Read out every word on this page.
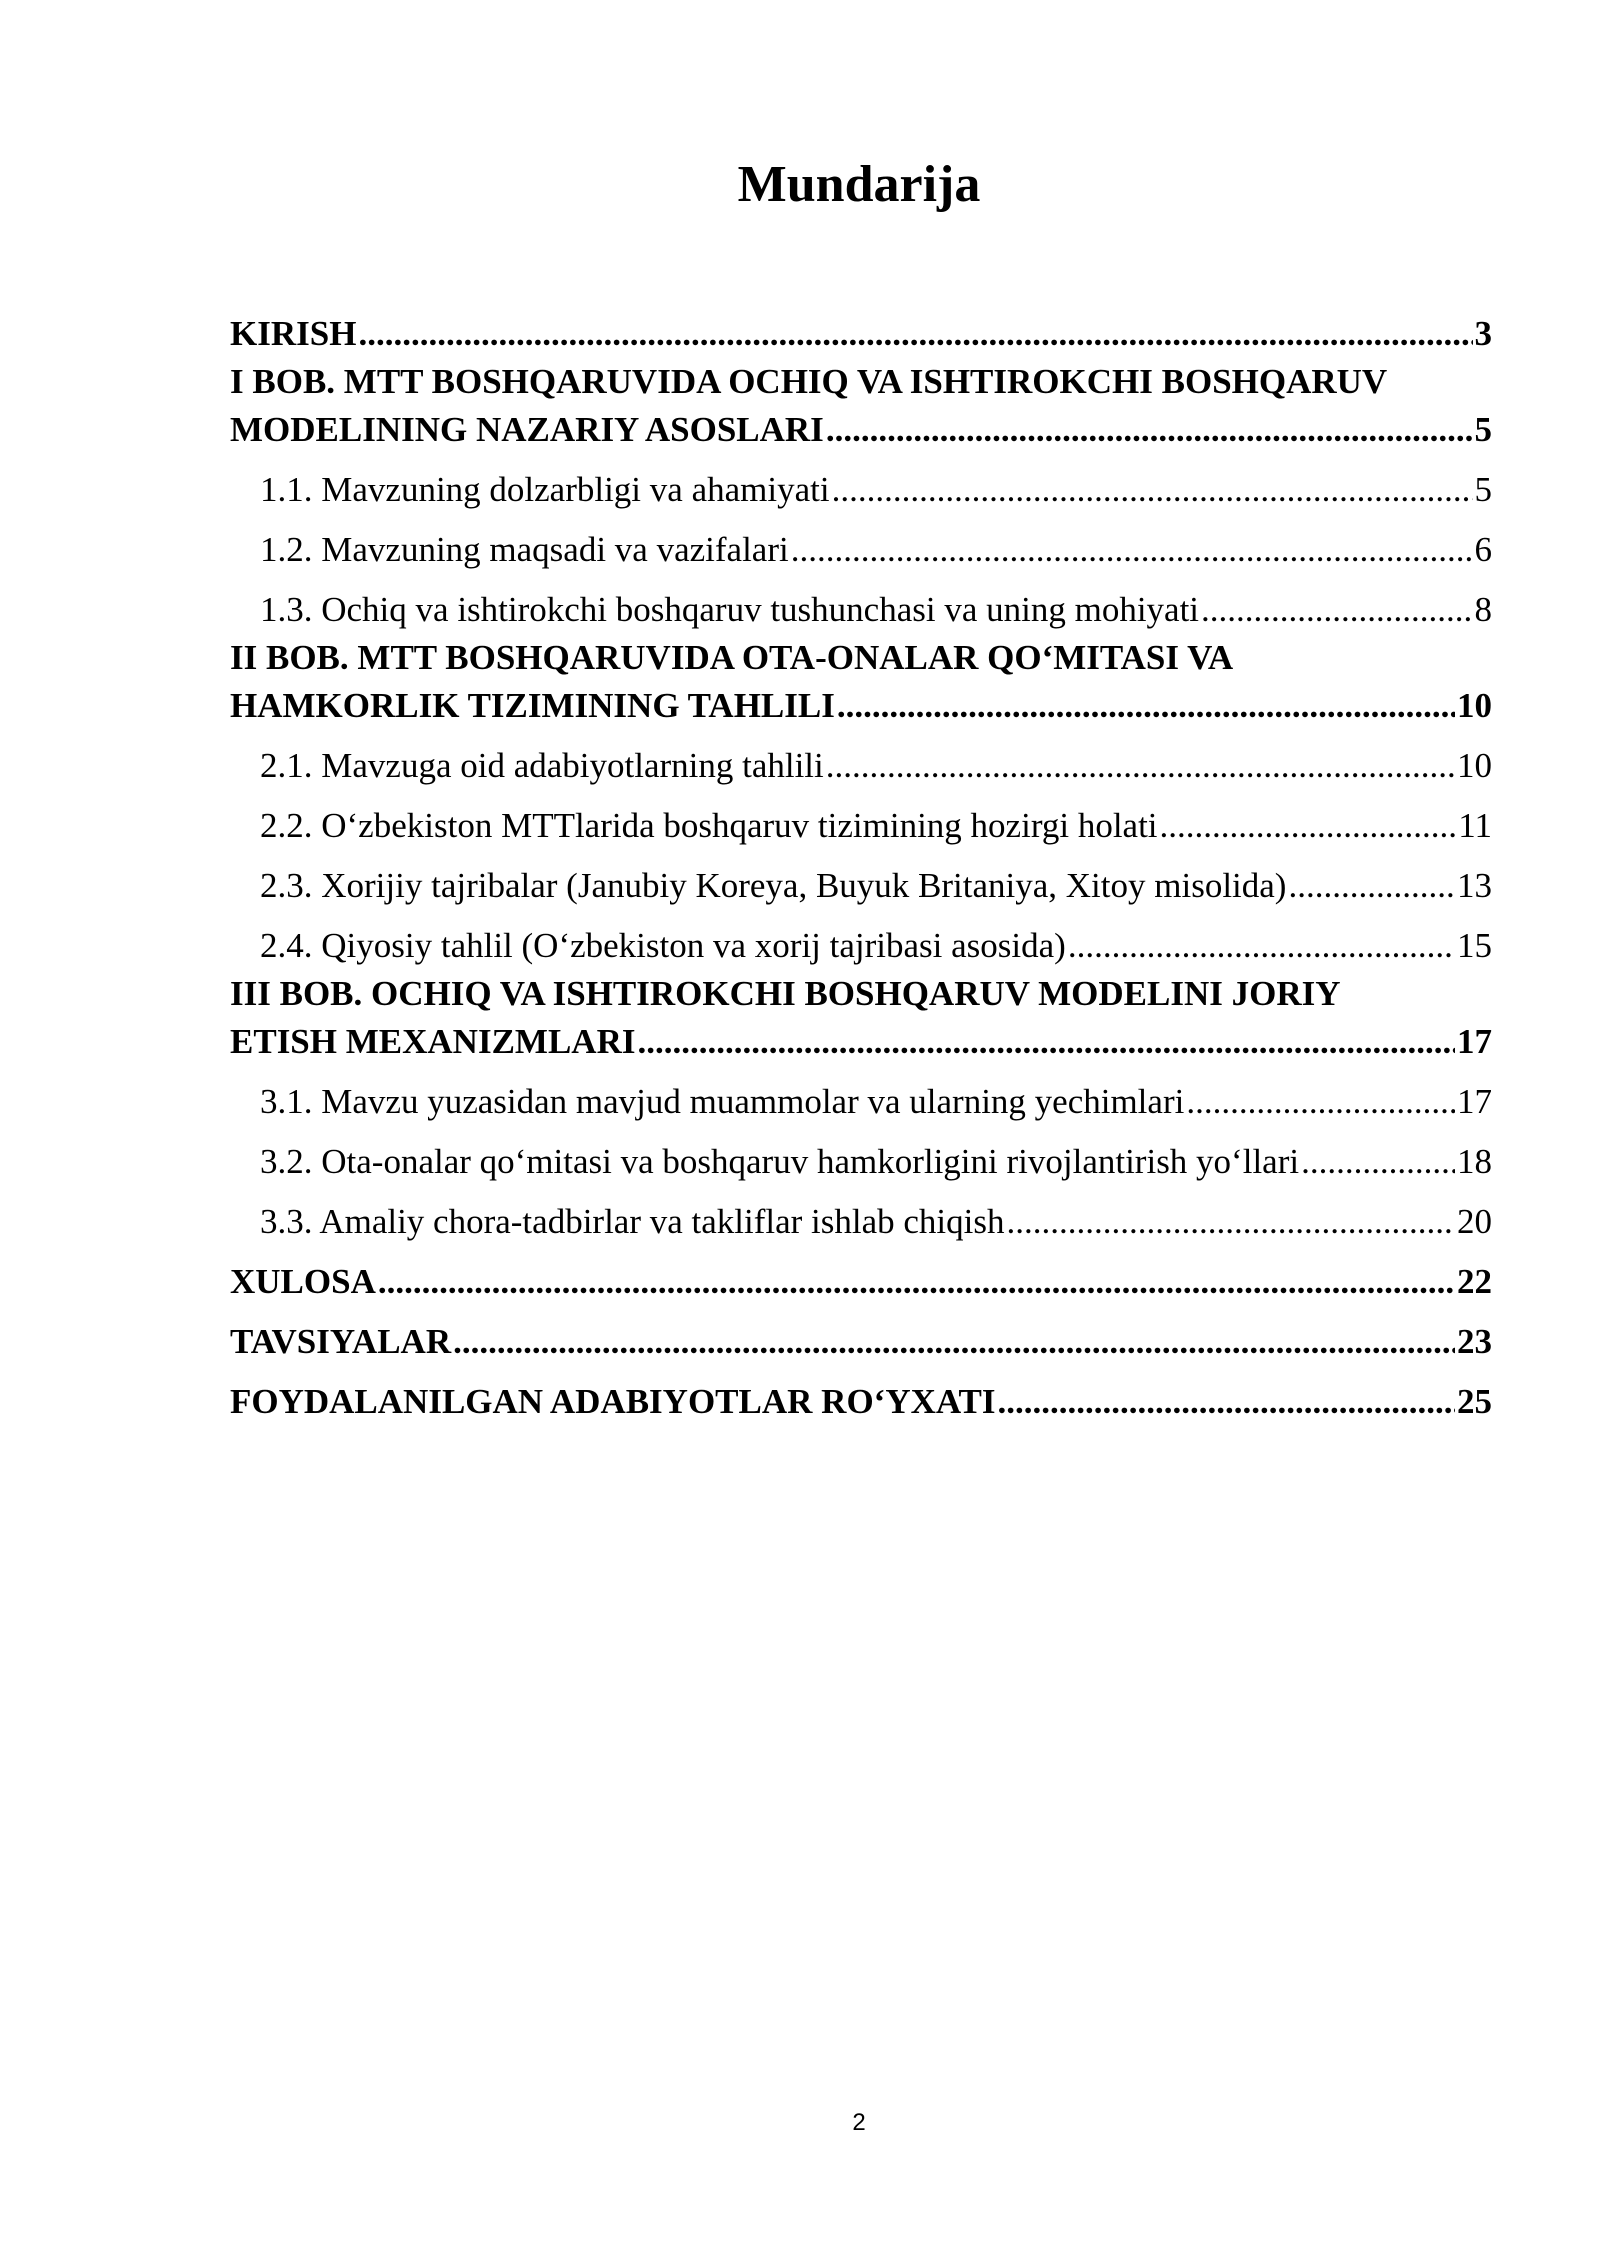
Mundarija
KIRISH .....	3
I BOB. MTT BOSHQARUVIDA OCHIQ VA ISHTIROKCHI BOSHQARUV
MODELINING NAZARIY ASOSLARI .....	5
1.1. Mavzuning dolzarbligi va ahamiyati .....	5
1.2. Mavzuning maqsadi va vazifalari .....	6
1.3. Ochiq va ishtirokchi boshqaruv tushunchasi va uning mohiyati .....	8
II BOB. MTT BOSHQARUVIDA OTA-ONALAR QO‘MITASI VA
HAMKORLIK TIZIMINING TAHLILI .....	10
2.1. Mavzuga oid adabiyotlarning tahlili .....	10
2.2. O‘zbekiston MTTlarida boshqaruv tizimining hozirgi holati .....	11
2.3. Xorijiy tajribalar (Janubiy Koreya, Buyuk Britaniya, Xitoy misolida) .....	13
2.4. Qiyosiy tahlil (O‘zbekiston va xorij tajribasi asosida) .....	15
III BOB. OCHIQ VA ISHTIROKCHI BOSHQARUV MODELINI JORIY
ETISH MEXANIZMLARI .....	17
3.1. Mavzu yuzasidan mavjud muammolar va ularning yechimlari .....	17
3.2. Ota-onalar qo‘mitasi va boshqaruv hamkorligini rivojlantirish yo‘llari .....	18
3.3. Amaliy chora-tadbirlar va takliflar ishlab chiqish .....	20
XULOSA .....	22
TAVSIYALAR .....	23
FOYDALANILGAN ADABIYOTLAR RO‘YXATI .....	25
2
